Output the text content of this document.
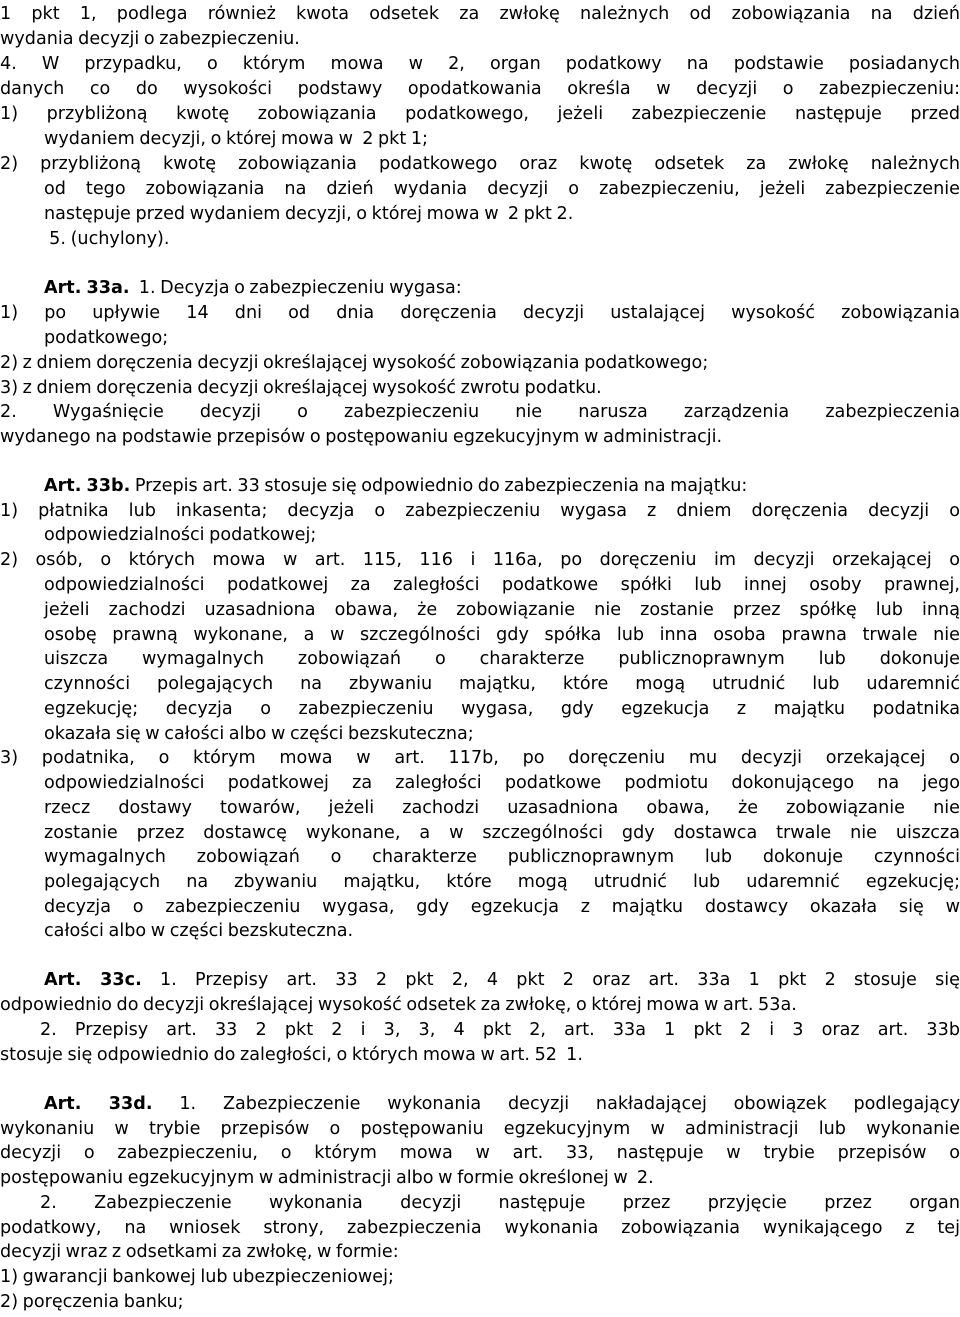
1 pkt 1, podlega również kwota odsetek za zwłokę należnych od zobowiązania na dzień
wydania decyzji o zabezpieczeniu.
4. W przypadku, o którym mowa w 2, organ podatkowy na podstawie posiadanych
danych co do wysokości podstawy opodatkowania określa w decyzji o zabezpieczeniu:
1) przybliżoną kwotę zobowiązania podatkowego, jeżeli zabezpieczenie następuje przed
wydaniem decyzji, o której mowa w  2 pkt 1;
2) przybliżoną kwotę zobowiązania podatkowego oraz kwotę odsetek za zwłokę należnych
od tego zobowiązania na dzień wydania decyzji o zabezpieczeniu, jeżeli zabezpieczenie
następuje przed wydaniem decyzji, o której mowa w  2 pkt 2.
5. (uchylony).
Art. 33a.  1. Decyzja o zabezpieczeniu wygasa:
1) po upływie 14 dni od dnia doręczenia decyzji ustalającej wysokość zobowiązania
podatkowego;
2) z dniem doręczenia decyzji określającej wysokość zobowiązania podatkowego;
3) z dniem doręczenia decyzji określającej wysokość zwrotu podatku.
2. Wygaśnięcie decyzji o zabezpieczeniu nie narusza zarządzenia zabezpieczenia
wydanego na podstawie przepisów o postępowaniu egzekucyjnym w administracji.
Art. 33b. Przepis art. 33 stosuje się odpowiednio do zabezpieczenia na majątku:
1) płatnika lub inkasenta; decyzja o zabezpieczeniu wygasa z dniem doręczenia decyzji o
odpowiedzialności podatkowej;
2) osób, o których mowa w art. 115, 116 i 116a, po doręczeniu im decyzji orzekającej o
odpowiedzialności podatkowej za zaległości podatkowe spółki lub innej osoby prawnej,
jeżeli zachodzi uzasadniona obawa, że zobowiązanie nie zostanie przez spółkę lub inną
osobę prawną wykonane, a w szczególności gdy spółka lub inna osoba prawna trwale nie
uiszcza wymagalnych zobowiązań o charakterze publicznoprawnym lub dokonuje
czynności polegających na zbywaniu majątku, które mogą utrudnić lub udaremnić
egzekucję; decyzja o zabezpieczeniu wygasa, gdy egzekucja z majątku podatnika
okazała się w całości albo w części bezskuteczna;
3) podatnika, o którym mowa w art. 117b, po doręczeniu mu decyzji orzekającej o
odpowiedzialności podatkowej za zaległości podatkowe podmiotu dokonującego na jego
rzecz dostawy towarów, jeżeli zachodzi uzasadniona obawa, że zobowiązanie nie
zostanie przez dostawcę wykonane, a w szczególności gdy dostawca trwale nie uiszcza
wymagalnych zobowiązań o charakterze publicznoprawnym lub dokonuje czynności
polegających na zbywaniu majątku, które mogą utrudnić lub udaremnić egzekucję;
decyzja o zabezpieczeniu wygasa, gdy egzekucja z majątku dostawcy okazała się w
całości albo w części bezskuteczna.
Art. 33c. 1. Przepisy art. 33 2 pkt 2, 4 pkt 2 oraz art. 33a 1 pkt 2 stosuje się
odpowiednio do decyzji określającej wysokość odsetek za zwłokę, o której mowa w art. 53a.
2. Przepisy art. 33 2 pkt 2 i 3, 3, 4 pkt 2, art. 33a 1 pkt 2 i 3 oraz art. 33b
stosuje się odpowiednio do zaległości, o których mowa w art. 52  1.
Art. 33d. 1. Zabezpieczenie wykonania decyzji nakładającej obowiązek podlegający
wykonaniu w trybie przepisów o postępowaniu egzekucyjnym w administracji lub wykonanie
decyzji o zabezpieczeniu, o którym mowa w art. 33, następuje w trybie przepisów o
postępowaniu egzekucyjnym w administracji albo w formie określonej w  2.
2. Zabezpieczenie wykonania decyzji następuje przez przyjęcie przez organ
podatkowy, na wniosek strony, zabezpieczenia wykonania zobowiązania wynikającego z tej
decyzji wraz z odsetkami za zwłokę, w formie:
1) gwarancji bankowej lub ubezpieczeniowej;
2) poręczenia banku;
